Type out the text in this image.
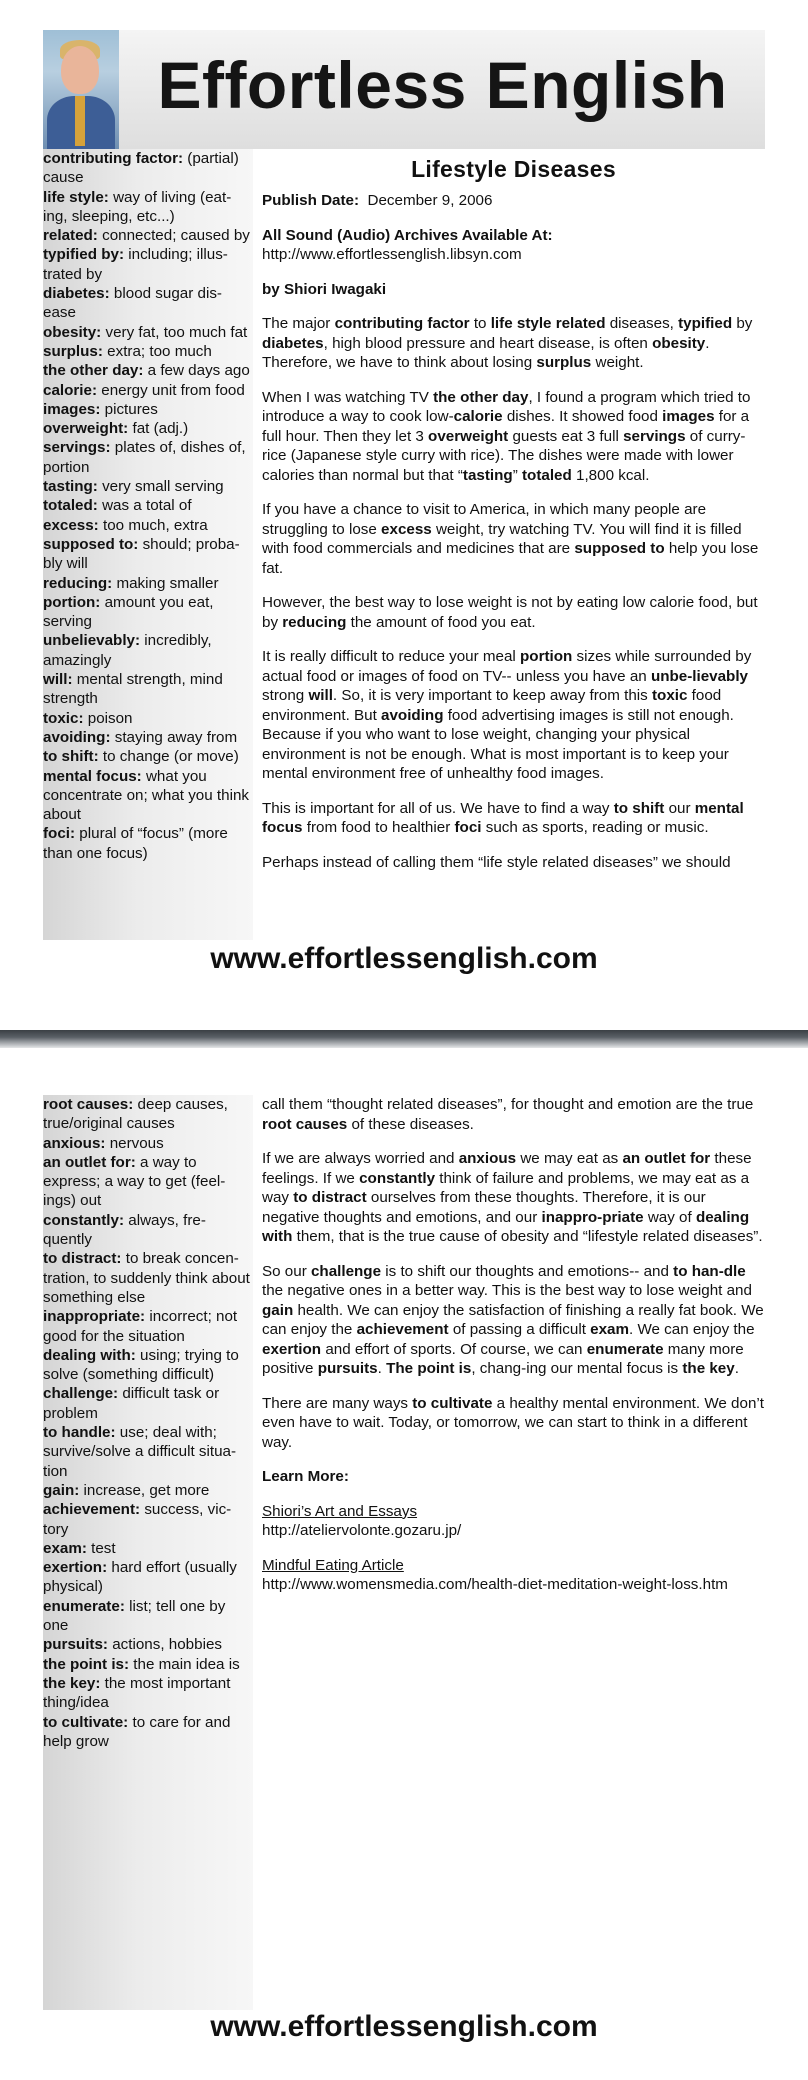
Effortless English
contributing factor: (partial) cause
life style: way of living (eat-ing, sleeping, etc...)
related: connected; caused by
typified by: including; illus-trated by
diabetes: blood sugar dis-ease
obesity: very fat, too much fat
surplus: extra; too much
the other day: a few days ago
calorie: energy unit from food
images: pictures
overweight: fat (adj.)
servings: plates of, dishes of, portion
tasting: very small serving
totaled: was a total of
excess: too much, extra
supposed to: should; proba-bly will
reducing: making smaller
portion: amount you eat, serving
unbelievably: incredibly, amazingly
will: mental strength, mind strength
toxic: poison
avoiding: staying away from
to shift: to change (or move)
mental focus: what you concentrate on; what you think about
foci: plural of “focus” (more than one focus)
Lifestyle Diseases

Publish Date: December 9, 2006

All Sound (Audio) Archives Available At:
http://www.effortlessenglish.libsyn.com

by Shiori Iwagaki

The major contributing factor to life style related diseases, typified by diabetes, high blood pressure and heart disease, is often obesity. Therefore, we have to think about losing surplus weight.

When I was watching TV the other day, I found a program which tried to introduce a way to cook low-calorie dishes. It showed food images for a full hour. Then they let 3 overweight guests eat 3 full servings of curry-rice (Japanese style curry with rice). The dishes were made with lower calories than normal but that “tasting” totaled 1,800 kcal.

If you have a chance to visit to America, in which many people are struggling to lose excess weight, try watching TV. You will find it is filled with food commercials and medicines that are supposed to help you lose fat.

However, the best way to lose weight is not by eating low calorie food, but by reducing the amount of food you eat.

It is really difficult to reduce your meal portion sizes while surrounded by actual food or images of food on TV-- unless you have an unbe-lievably strong will. So, it is very important to keep away from this toxic food environment. But avoiding food advertising images is still not enough. Because if you who want to lose weight, changing your physical environment is not be enough. What is most important is to keep your mental environment free of unhealthy food images.

This is important for all of us. We have to find a way to shift our mental focus from food to healthier foci such as sports, reading or music.

Perhaps instead of calling them “life style related diseases” we should

www.effortlessenglish.com
root causes: deep causes, true/original causes
anxious: nervous
an outlet for: a way to express; a way to get (feel-ings) out
constantly: always, fre-quently
to distract: to break concen-tration, to suddenly think about something else
inappropriate: incorrect; not good for the situation
dealing with: using; trying to solve (something difficult)
challenge: difficult task or problem
to handle: use; deal with; survive/solve a difficult situa-tion
gain: increase, get more
achievement: success, vic-tory
exam: test
exertion: hard effort (usually physical)
enumerate: list; tell one by one
pursuits: actions, hobbies
the point is: the main idea is
the key: the most important thing/idea
to cultivate: to care for and help grow

call them “thought related diseases”, for thought and emotion are the true root causes of these diseases.

If we are always worried and anxious we may eat as an outlet for these feelings. If we constantly think of failure and problems, we may eat as a way to distract ourselves from these thoughts. Therefore, it is our negative thoughts and emotions, and our inappro-priate way of dealing with them, that is the true cause of obesity and “lifestyle related diseases”.

So our challenge is to shift our thoughts and emotions-- and to han-dle the negative ones in a better way. This is the best way to lose weight and gain health. We can enjoy the satisfaction of finishing a really fat book. We can enjoy the achievement of passing a difficult exam. We can enjoy the exertion and effort of sports. Of course, we can enumerate many more positive pursuits. The point is, chang-ing our mental focus is the key.

There are many ways to cultivate a healthy mental environment. We don’t even have to wait. Today, or tomorrow, we can start to think in a different way.

Learn More:

Shiori’s Art and Essays
http://ateliervolonte.gozaru.jp/

Mindful Eating Article
http://www.womensmedia.com/health-diet-meditation-weight-loss.htm

www.effortlessenglish.com
